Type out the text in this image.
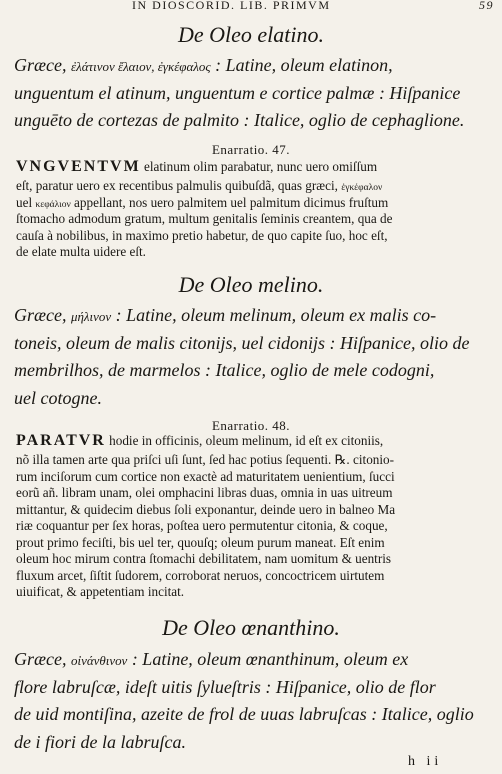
IN DIOSCORID. LIB. PRIMVM	59
De Oleo elatino.
Græce, ἐλάτινον ἔλαιον, ἐγκέφαλος : Latine, oleum elatinon,
unguentum el atinum, unguentum e cortice palmæ : Hiſpanice
unguēto de cortezas de palmito : Italice, oglio de cephaglione.
Enarratio. 47.
VNGVENTVM elatinum olim parabatur, nunc uero omiſſum
eſt, paratur uero ex recentibus palmulis quibuſdã, quas græci, ἐγκέφαλον
uel κεφάλιον appellant, nos uero palmitem uel palmitum dicimus fruſtum
ſtomacho admodum gratum, multum genitalis ſeminis creantem, qua de
cauſa à nobilibus, in maximo pretio habetur, de quo capite ſuo, hoc eſt,
de elate multa uidere eſt.
De Oleo melino.
Græce, μήλινον : Latine, oleum melinum, oleum ex malis co-
toneis, oleum de malis citonijs, uel cidonijs : Hiſpanice, olio de
membrilhos, de marmelos : Italice, oglio de mele codogni,
uel cotogne.
Enarratio. 48.
PARATVR hodie in officinis, oleum melinum, id eſt ex citoniis,
nõ illa tamen arte qua priſci uſi ſunt, ſed hac potius ſequenti. ℞. citonio-
rum inciſorum cum cortice non exactè ad maturitatem uenientium, ſucci
eorũ añ. libram unam, olei omphacini libras duas, omnia in uas uitreum
mittantur, & quidecim diebus ſoli exponantur, deinde uero in balneo Ma
riæ coquantur per ſex horas, poſtea uero permutentur citonia, & coque,
prout primo feciſti, bis uel ter, quouſq; oleum purum maneat. Eſt enim
oleum hoc mirum contra ſtomachi debilitatem, nam uomitum & uentris
fluxum arcet, ſiſtit ſudorem, corroborat neruos, concoctricem uirtutem
uiuificat, & appetentiam incitat.
De Oleo œnanthino.
Græce, οἰνάνθινον : Latine, oleum œnanthinum, oleum ex
flore labruſcæ, ideſt uitis ſylueſtris : Hiſpanice, olio de flor
de uid montiſina, azeite de frol de uuas labruſcas : Italice, oglio
de i fiori de la labruſca.
h ii
